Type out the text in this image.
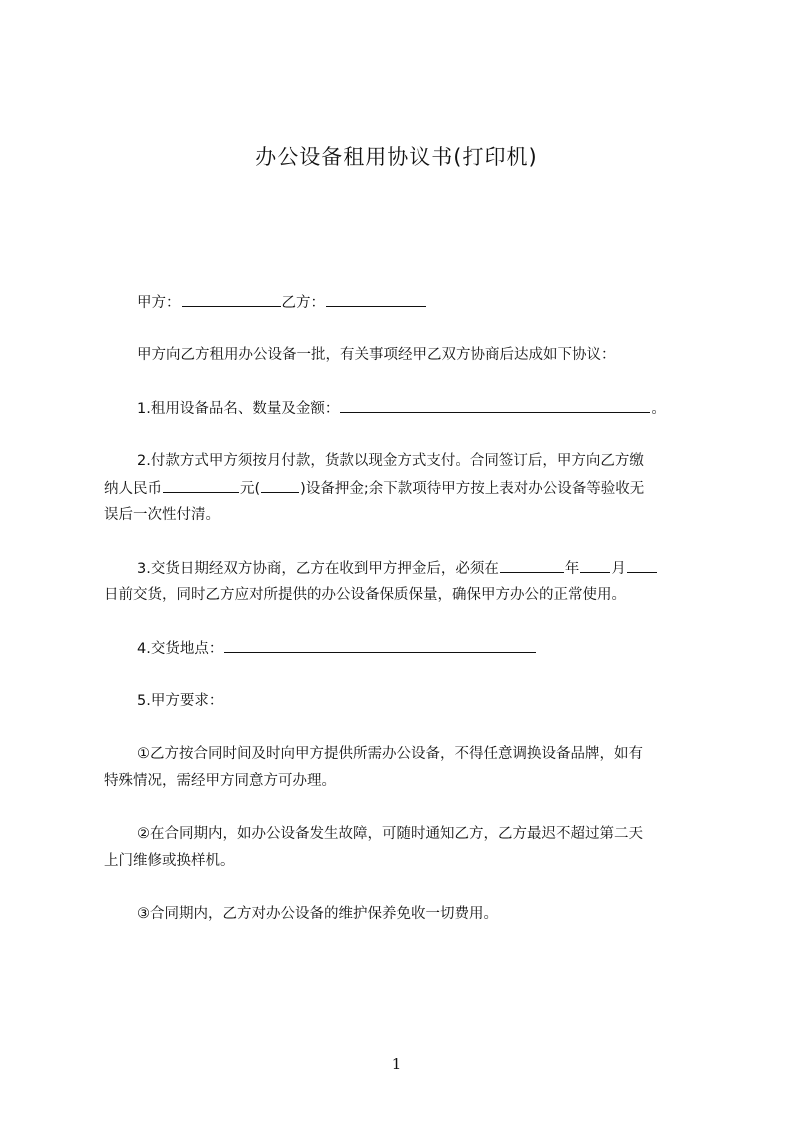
办公设备租用协议书(打印机)
甲方：	乙方：
甲方向乙方租用办公设备一批，有关事项经甲乙双方协商后达成如下协议：
1.租用设备品名、数量及金额：	。
2.付款方式甲方须按月付款，货款以现金方式支付。合同签订后，甲方向乙方缴
纳人民币	元(	)设备押金;余下款项待甲方按上表对办公设备等验收无
误后一次性付清。
3.交货日期经双方协商，乙方在收到甲方押金后，必须在	年 月
日前交货，同时乙方应对所提供的办公设备保质保量，确保甲方办公的正常使用。
4.交货地点：
5.甲方要求：
①乙方按合同时间及时向甲方提供所需办公设备，不得任意调换设备品牌，如有
特殊情况，需经甲方同意方可办理。
②在合同期内，如办公设备发生故障，可随时通知乙方，乙方最迟不超过第二天
上门维修或换样机。
③合同期内，乙方对办公设备的维护保养免收一切费用。
1
